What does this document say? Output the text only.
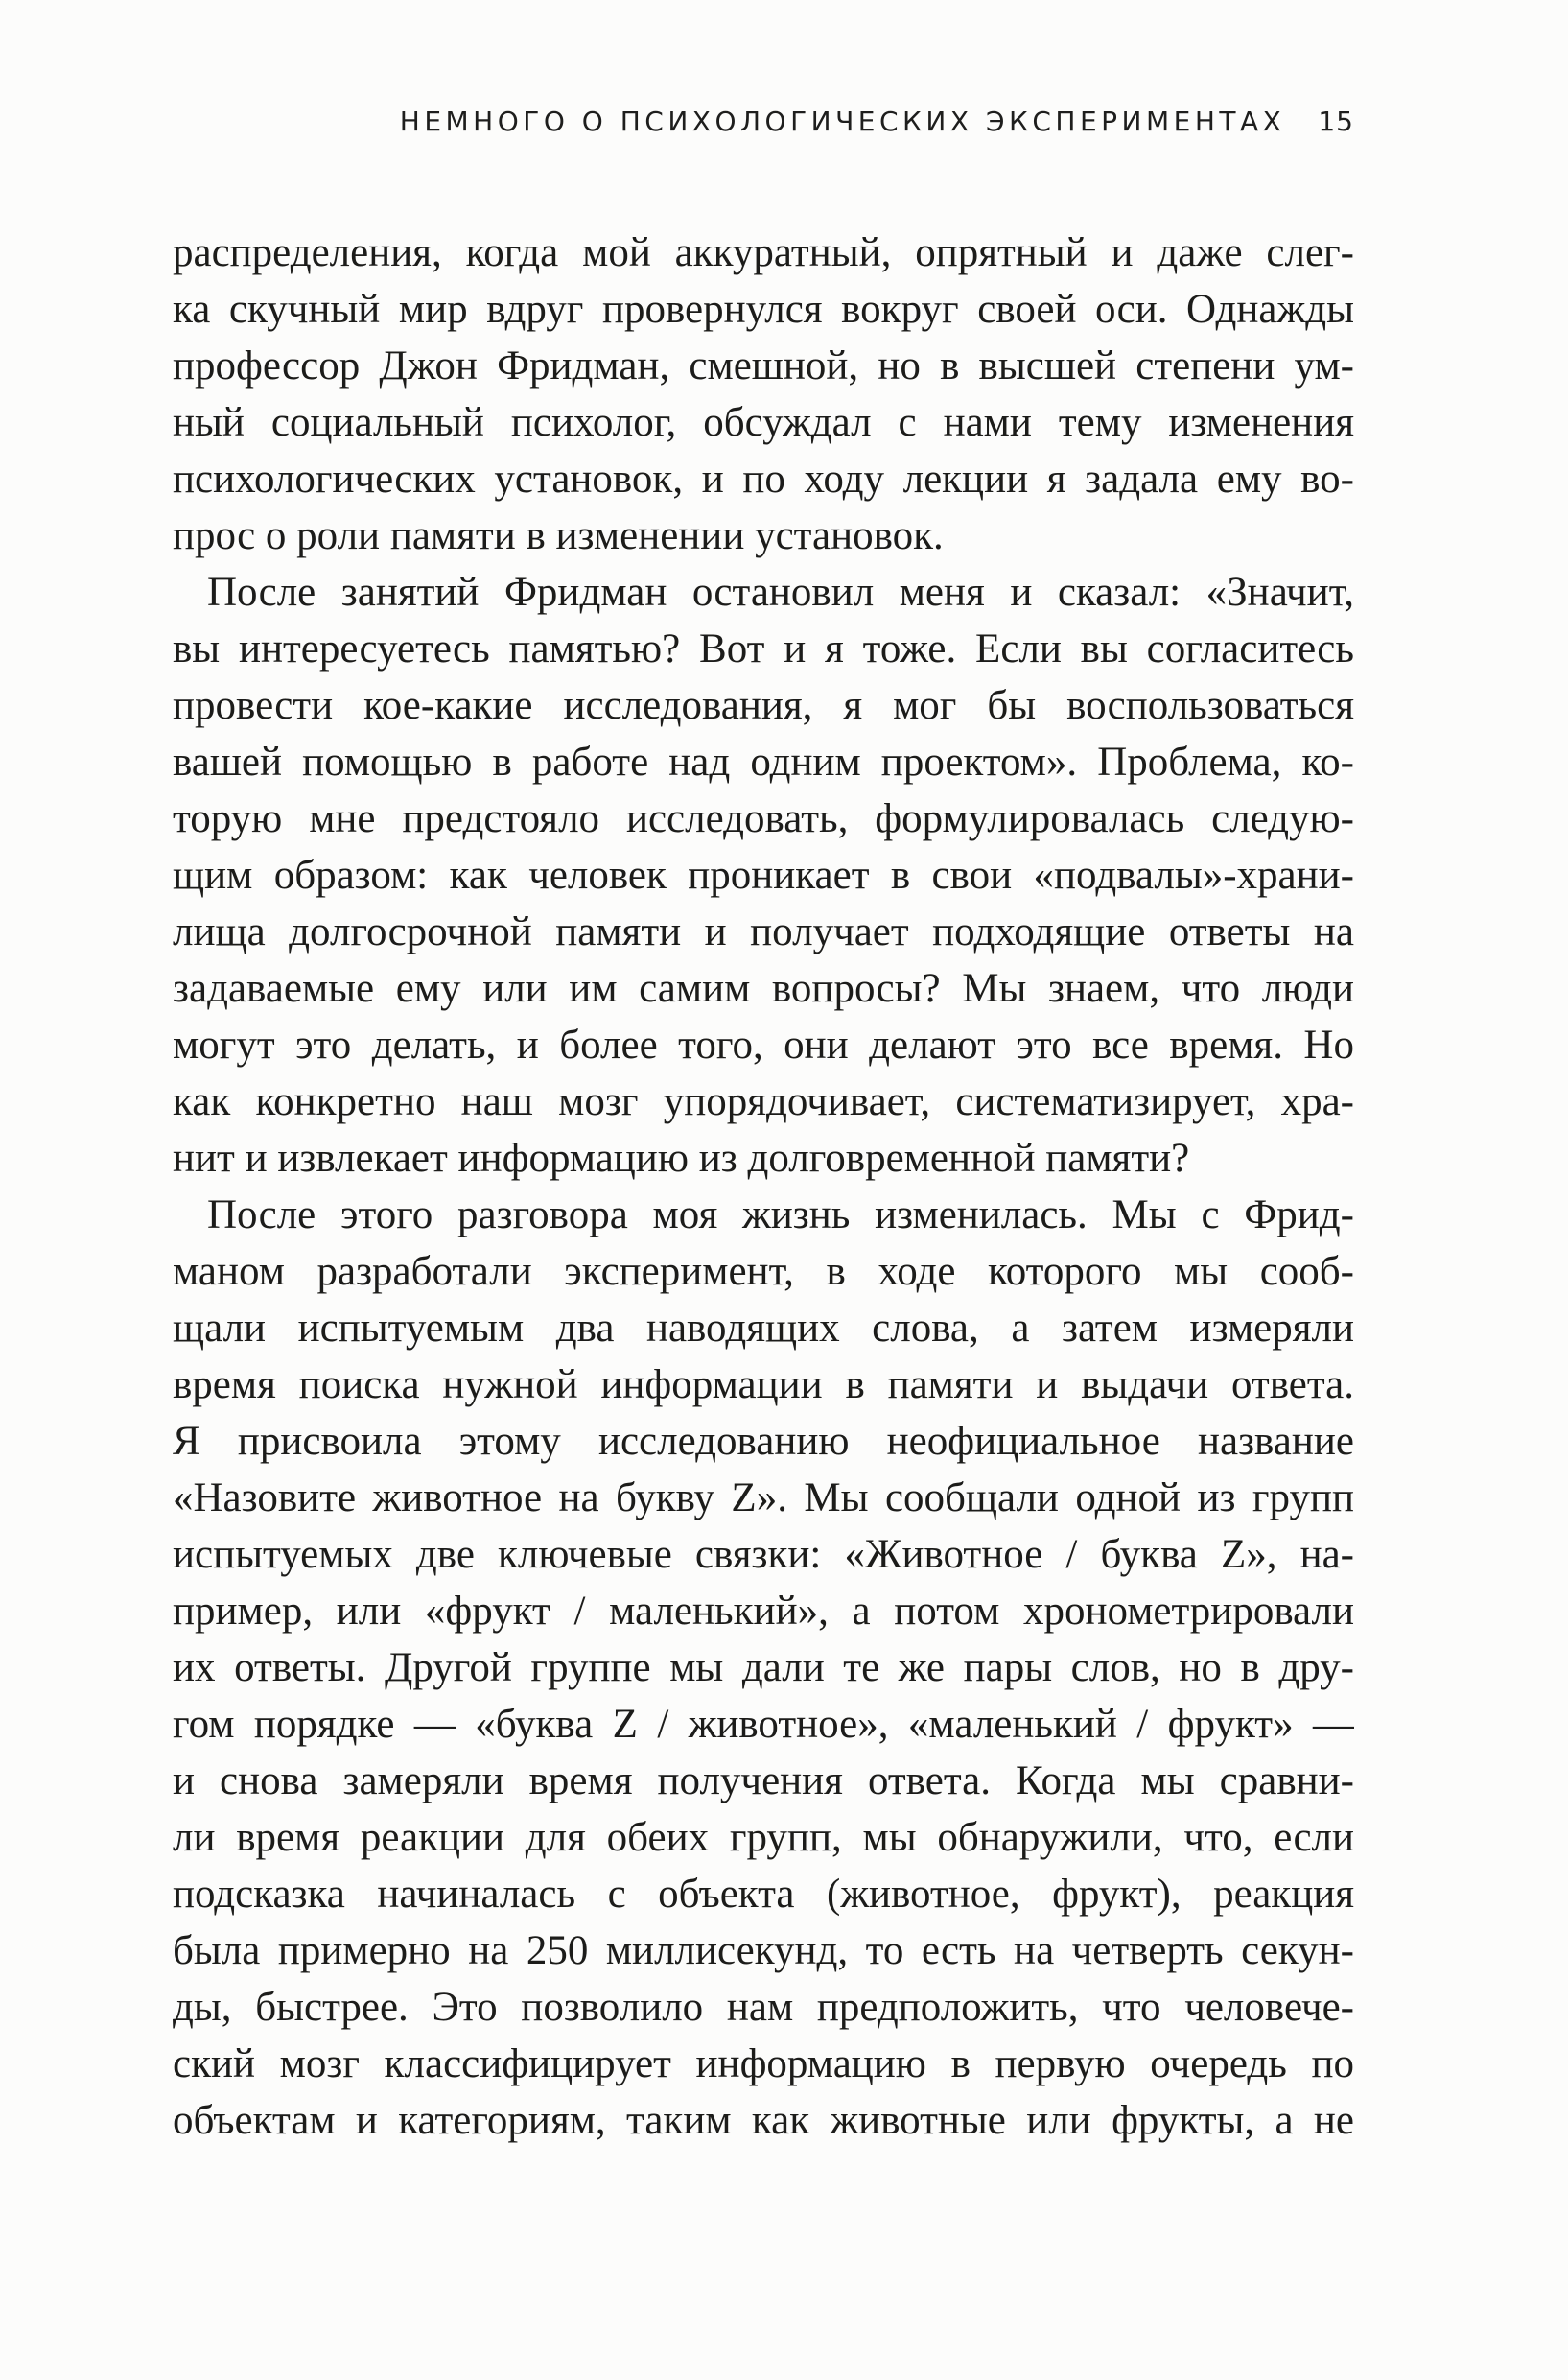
НЕМНОГО О ПСИХОЛОГИЧЕСКИХ ЭКСПЕРИМЕНТАХ 15
распределения, когда мой аккуратный, опрятный и даже слег-
ка скучный мир вдруг провернулся вокруг своей оси. Однажды
профессор Джон Фридман, смешной, но в высшей степени ум-
ный социальный психолог, обсуждал с нами тему изменения
психологических установок, и по ходу лекции я задала ему во-
прос о роли памяти в изменении установок.
После занятий Фридман остановил меня и сказал: «Значит,
вы интересуетесь памятью? Вот и я тоже. Если вы согласитесь
провести кое-какие исследования, я мог бы воспользоваться
вашей помощью в работе над одним проектом». Проблема, ко-
торую мне предстояло исследовать, формулировалась следую-
щим образом: как человек проникает в свои «подвалы»-храни-
лища долгосрочной памяти и получает подходящие ответы на
задаваемые ему или им самим вопросы? Мы знаем, что люди
могут это делать, и более того, они делают это все время. Но
как конкретно наш мозг упорядочивает, систематизирует, хра-
нит и извлекает информацию из долговременной памяти?
После этого разговора моя жизнь изменилась. Мы с Фрид-
маном разработали эксперимент, в ходе которого мы сооб-
щали испытуемым два наводящих слова, а затем измеряли
время поиска нужной информации в памяти и выдачи ответа.
Я присвоила этому исследованию неофициальное название
«Назовите животное на букву Z». Мы сообщали одной из групп
испытуемых две ключевые связки: «Животное / буква Z», на-
пример, или «фрукт / маленький», а потом хронометрировали
их ответы. Другой группе мы дали те же пары слов, но в дру-
гом порядке — «буква Z / животное», «маленький / фрукт» —
и снова замеряли время получения ответа. Когда мы сравни-
ли время реакции для обеих групп, мы обнаружили, что, если
подсказка начиналась с объекта (животное, фрукт), реакция
была примерно на 250 миллисекунд, то есть на четверть секун-
ды, быстрее. Это позволило нам предположить, что человече-
ский мозг классифицирует информацию в первую очередь по
объектам и категориям, таким как животные или фрукты, а не
